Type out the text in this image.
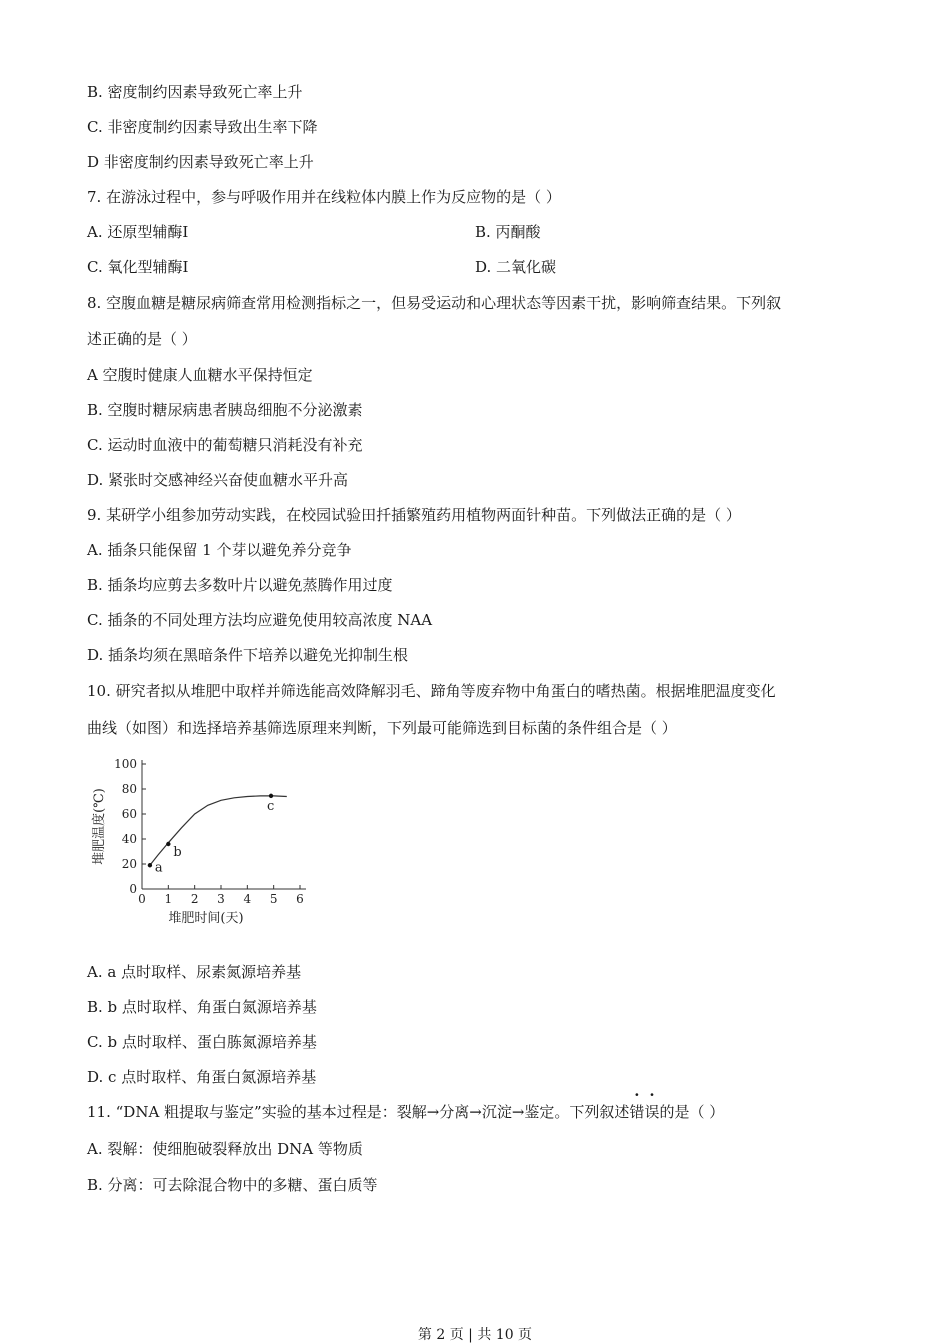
B. 密度制约因素导致死亡率上升
C. 非密度制约因素导致出生率下降
D 非密度制约因素导致死亡率上升
7. 在游泳过程中，参与呼吸作用并在线粒体内膜上作为反应物的是（ ）
A. 还原型辅酶Ⅰ	B. 丙酮酸
C. 氧化型辅酶Ⅰ	D. 二氧化碳
8. 空腹血糖是糖尿病筛查常用检测指标之一，但易受运动和心理状态等因素干扰，影响筛查结果。下列叙
述正确的是（ ）
A 空腹时健康人血糖水平保持恒定
B. 空腹时糖尿病患者胰岛细胞不分泌激素
C. 运动时血液中的葡萄糖只消耗没有补充
D. 紧张时交感神经兴奋使血糖水平升高
9. 某研学小组参加劳动实践，在校园试验田扦插繁殖药用植物两面针种苗。下列做法正确的是（ ）
A. 插条只能保留 1 个芽以避免养分竞争
B. 插条均应剪去多数叶片以避免蒸腾作用过度
C. 插条的不同处理方法均应避免使用较高浓度 NAA
D. 插条均须在黑暗条件下培养以避免光抑制生根
10. 研究者拟从堆肥中取样并筛选能高效降解羽毛、蹄角等废弃物中角蛋白的嗜热菌。根据堆肥温度变化
曲线（如图）和选择培养基筛选原理来判断，下列最可能筛选到目标菌的条件组合是（ ）
0 1 2 3 4 5 6
0
20
40
60
80
100
a
b
c
堆肥温度(℃)
堆肥时间(天)
A. a 点时取样、尿素氮源培养基
B. b 点时取样、角蛋白氮源培养基
C. b 点时取样、蛋白胨氮源培养基
D. c 点时取样、角蛋白氮源培养基
11. “DNA 粗提取与鉴定”实验的基本过程是：裂解→分离→沉淀→鉴定。下列叙述错误的是（ ）
A. 裂解：使细胞破裂释放出 DNA 等物质
B. 分离：可去除混合物中的多糖、蛋白质等
第 2 页 | 共 10 页
